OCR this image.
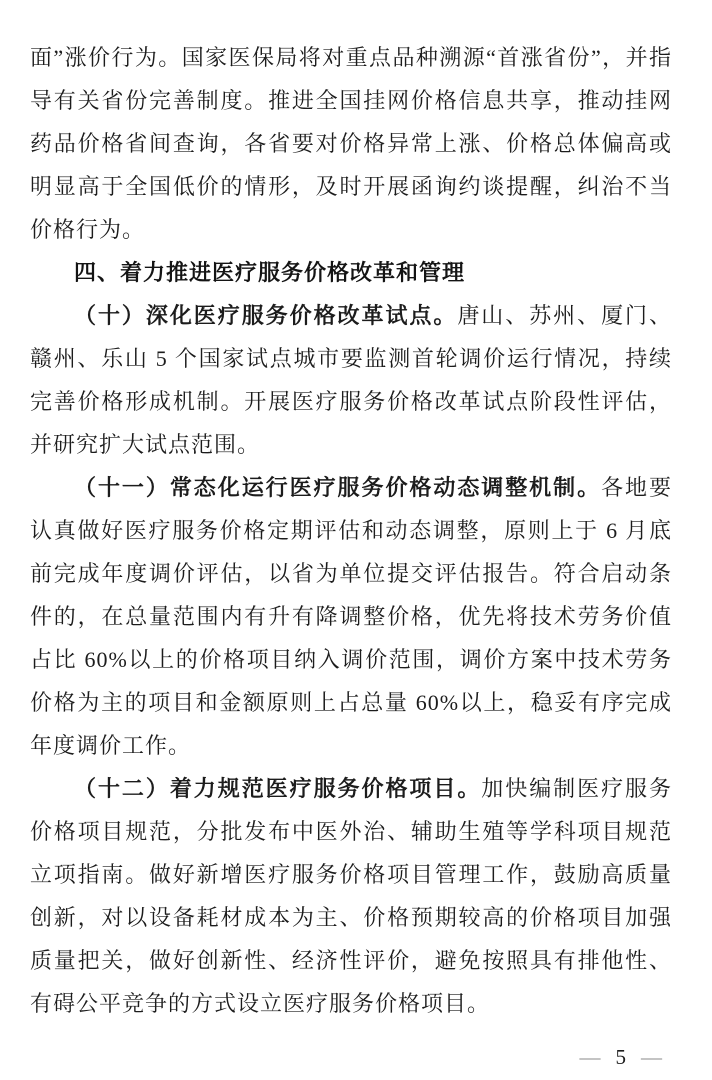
面”涨价行为。国家医保局将对重点品种溯源“首涨省份”，并指导有关省份完善制度。推进全国挂网价格信息共享，推动挂网药品价格省间查询，各省要对价格异常上涨、价格总体偏高或明显高于全国低价的情形，及时开展函询约谈提醒，纠治不当价格行为。

四、着力推进医疗服务价格改革和管理

（十）深化医疗服务价格改革试点。唐山、苏州、厦门、赣州、乐山 5 个国家试点城市要监测首轮调价运行情况，持续完善价格形成机制。开展医疗服务价格改革试点阶段性评估，并研究扩大试点范围。

（十一）常态化运行医疗服务价格动态调整机制。各地要认真做好医疗服务价格定期评估和动态调整，原则上于 6 月底前完成年度调价评估，以省为单位提交评估报告。符合启动条件的，在总量范围内有升有降调整价格，优先将技术劳务价值占比 60%以上的价格项目纳入调价范围，调价方案中技术劳务价格为主的项目和金额原则上占总量 60%以上，稳妥有序完成年度调价工作。

（十二）着力规范医疗服务价格项目。加快编制医疗服务价格项目规范，分批发布中医外治、辅助生殖等学科项目规范立项指南。做好新增医疗服务价格项目管理工作，鼓励高质量创新，对以设备耗材成本为主、价格预期较高的价格项目加强质量把关，做好创新性、经济性评价，避免按照具有排他性、有碍公平竞争的方式设立医疗服务价格项目。

— 5 —
